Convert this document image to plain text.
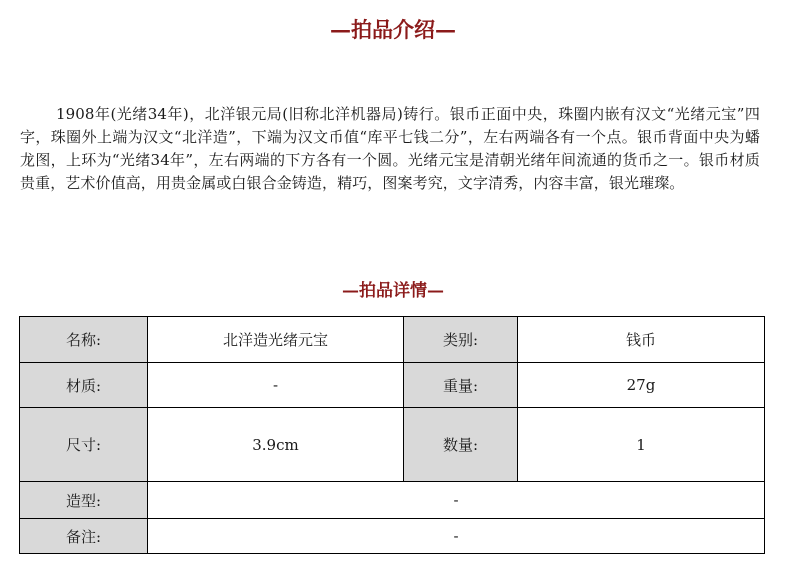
—拍品介绍—

1908年(光绪34年)，北洋银元局(旧称北洋机器局)铸行。银币正面中央，珠圈内嵌有汉文“光绪元宝”四字，珠圈外上端为汉文“北洋造”，下端为汉文币值“库平七钱二分”，左右两端各有一个点。银币背面中央为蟠龙图，上环为“光绪34年”，左右两端的下方各有一个圆。光绪元宝是清朝光绪年间流通的货币之一。银币材质贵重，艺术价值高，用贵金属或白银合金铸造，精巧，图案考究，文字清秀，内容丰富，银光璀璨。

—拍品详情—
名称:	北洋造光绪元宝	类别:	钱币
材质:	-	重量:	27g
尺寸:	3.9cm	数量:	1
造型:	-		
备注:	-		
